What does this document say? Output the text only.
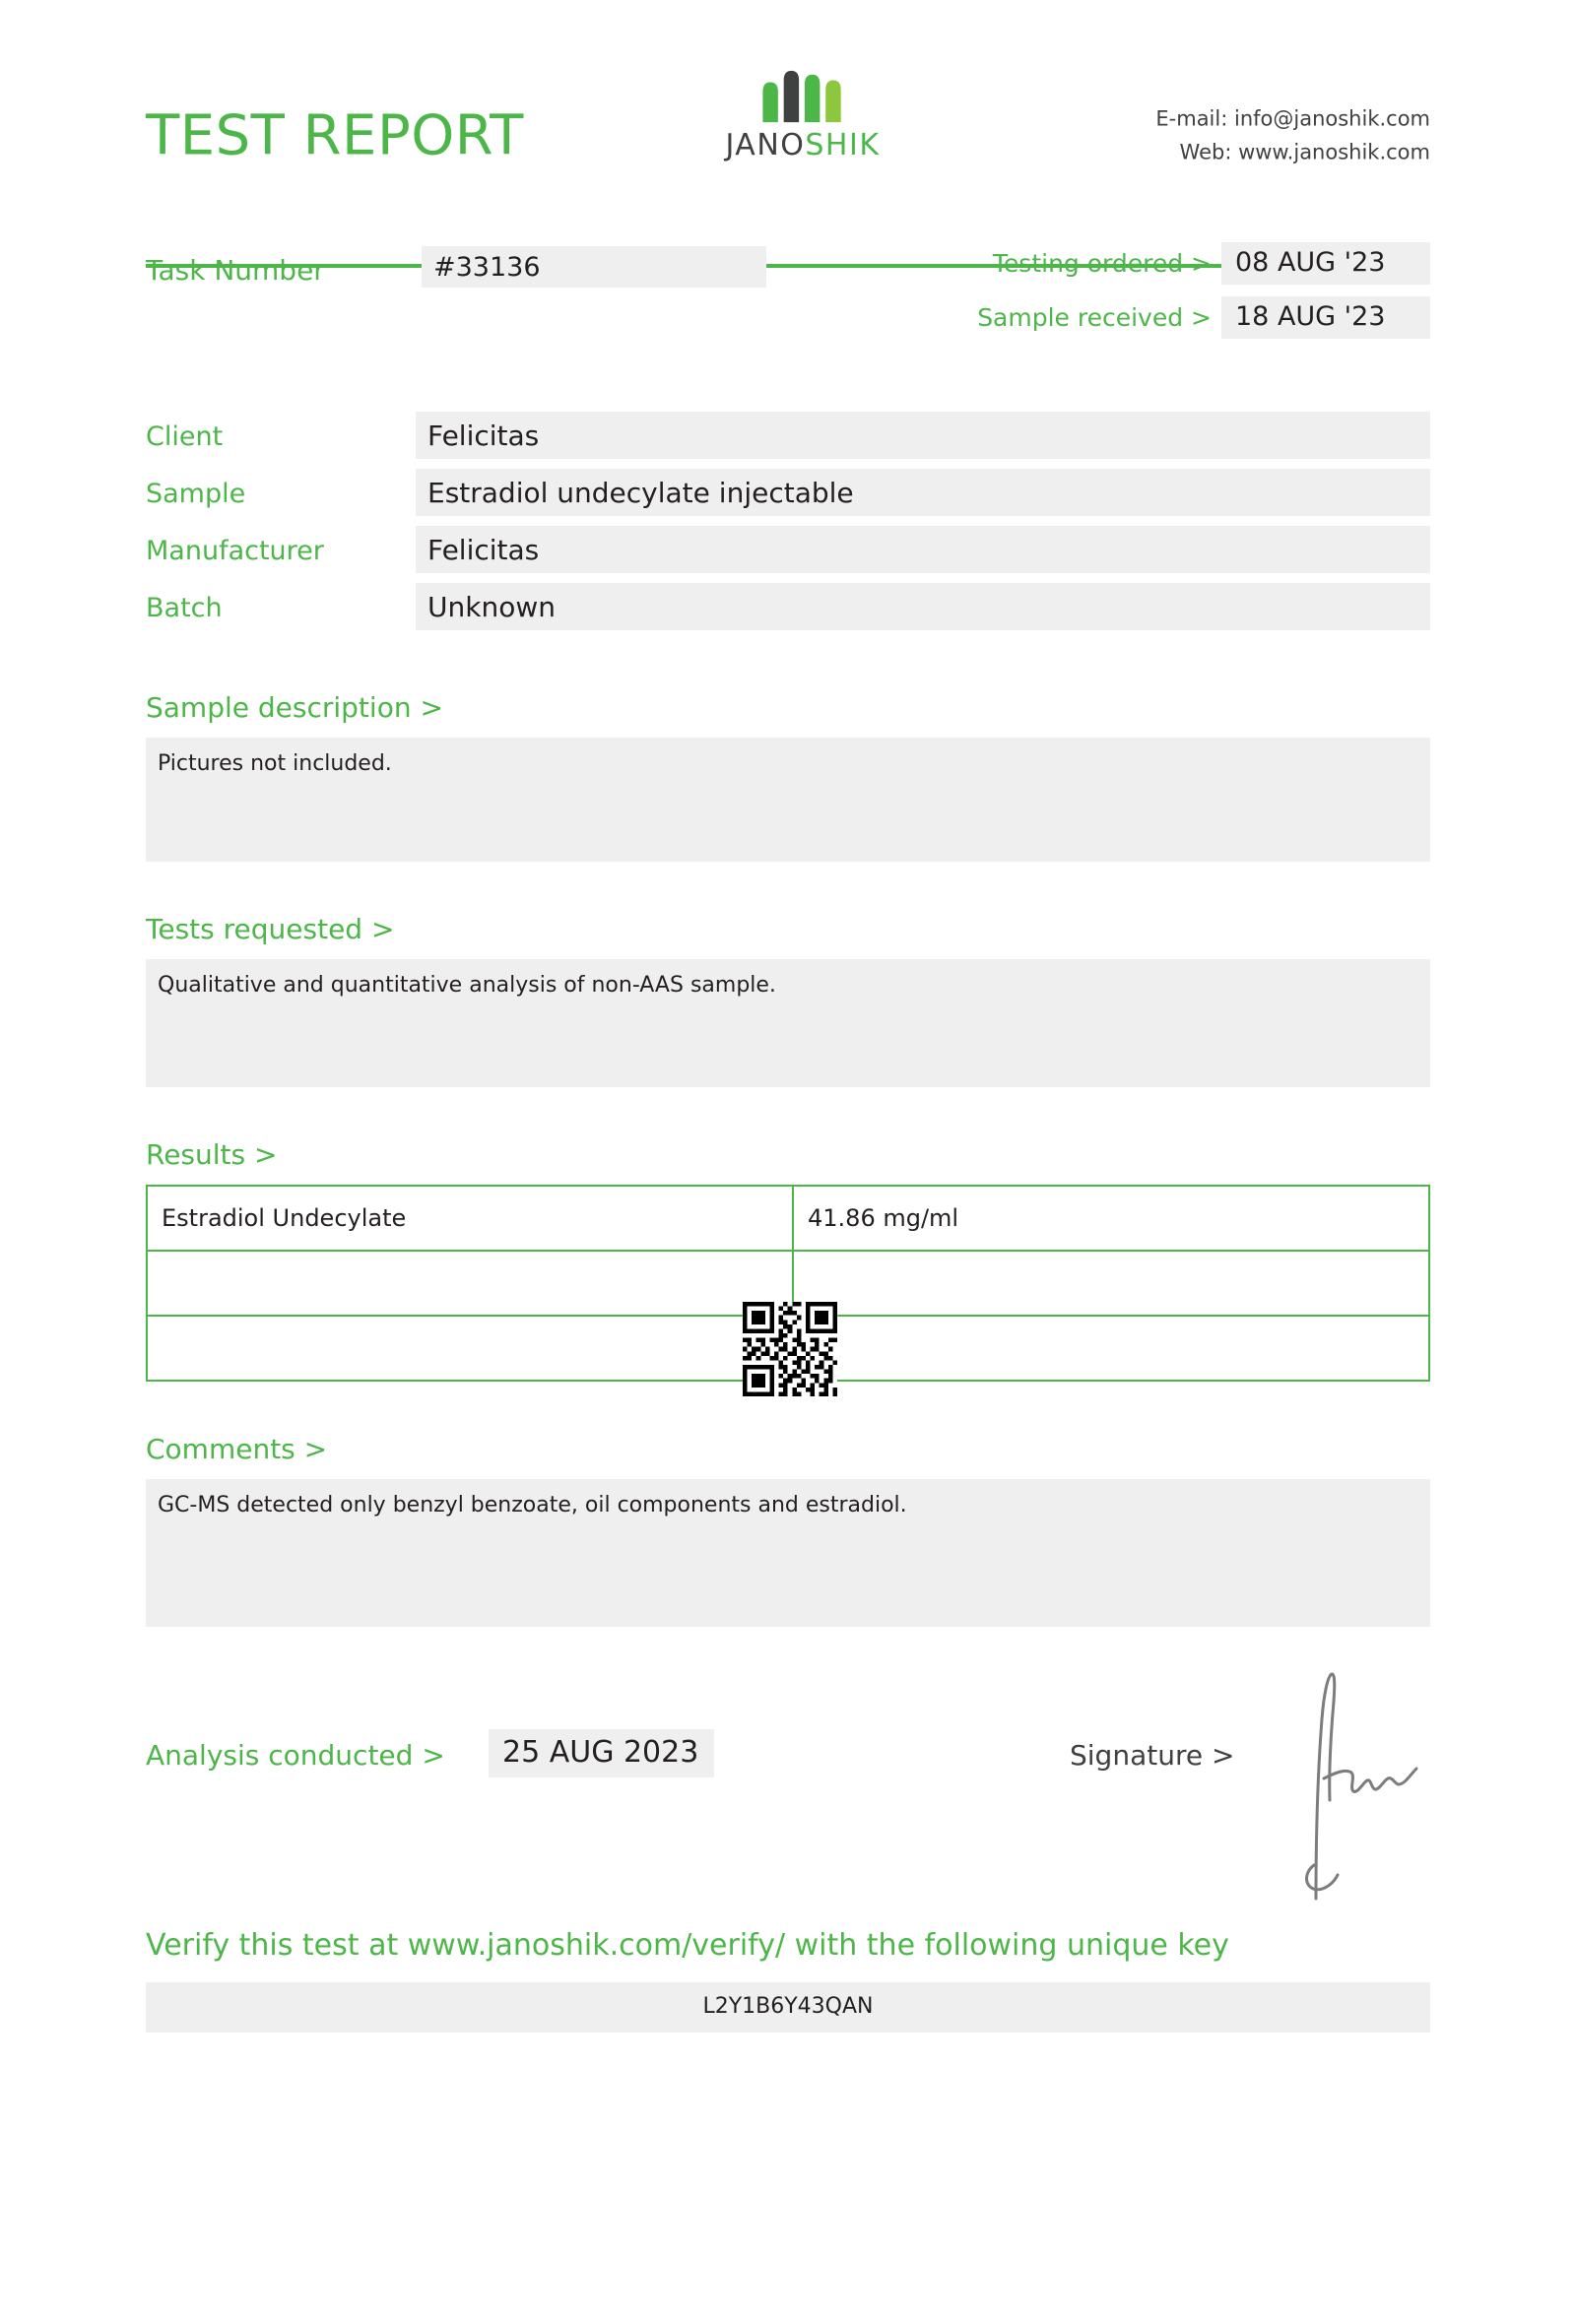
TEST REPORT	JANOSHIK
E-mail: info@janoshik.com
Web: www.janoshik.com
Task Number	#33136	Testing ordered > 08 AUG '23
Sample received > 18 AUG '23
Client	Felicitas
Sample	Estradiol undecylate injectable
Manufacturer	Felicitas
Batch	Unknown
Sample description >
Pictures not included.
Tests requested >
Qualitative and quantitative analysis of non-AAS sample.
Results >
Estradiol Undecylate	41.86 mg/ml

Comments >
GC-MS detected only benzyl benzoate, oil components and estradiol.
Analysis conducted >	25 AUG 2023	Signature >
Verify this test at www.janoshik.com/verify/ with the following unique key
L2Y1B6Y43QAN
